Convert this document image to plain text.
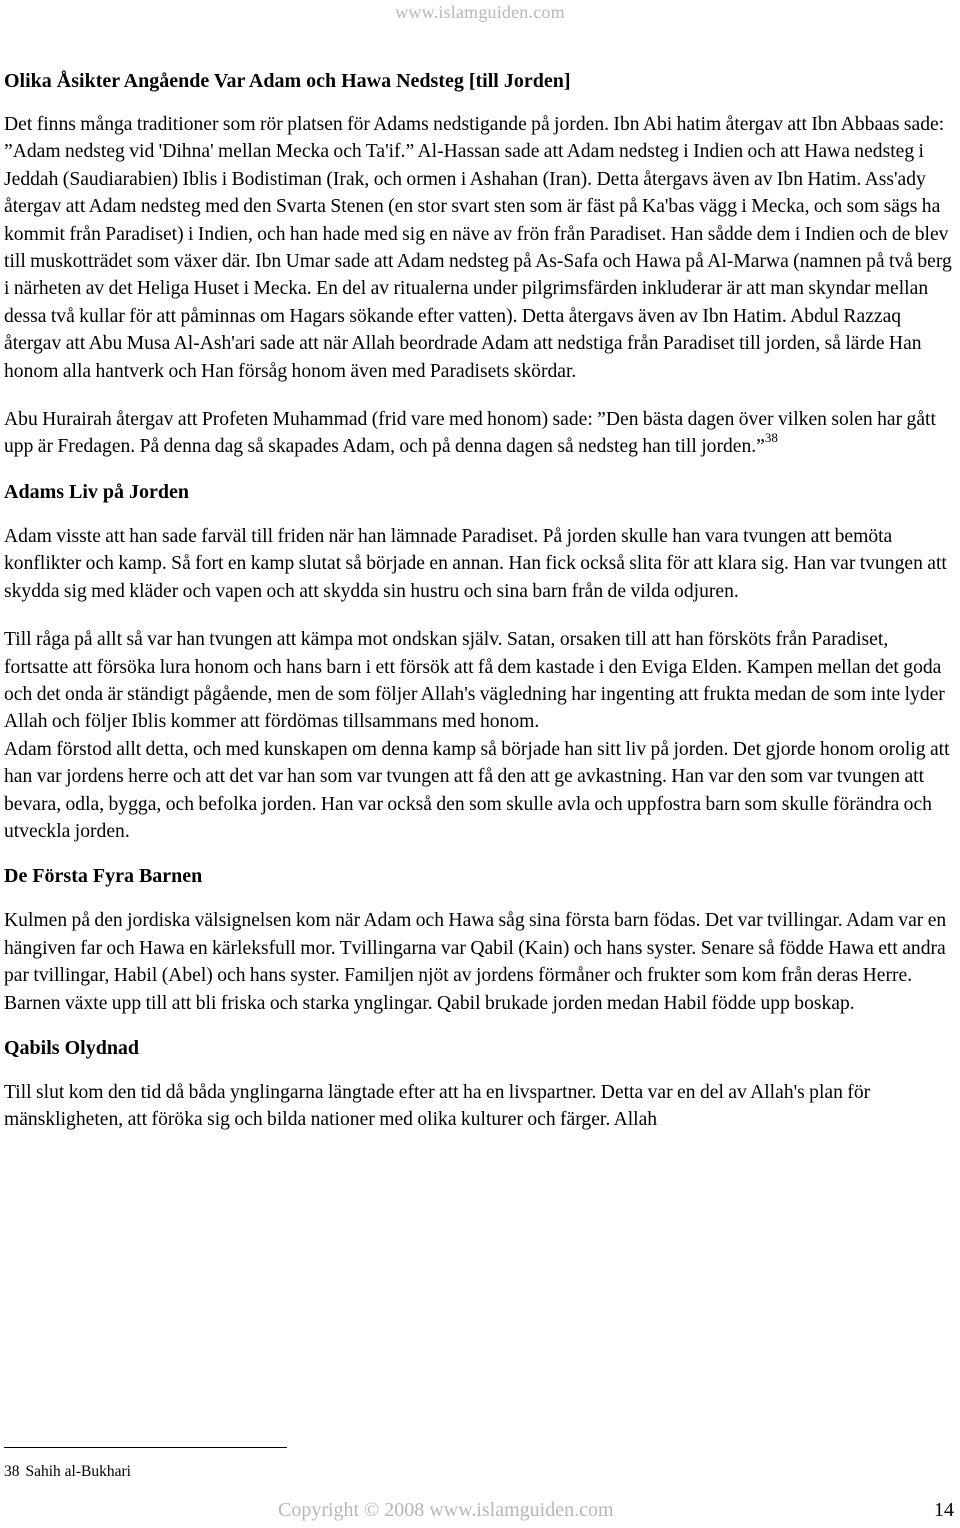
www.islamguiden.com
Olika Åsikter Angående Var Adam och Hawa Nedsteg [till Jorden]

Det finns många traditioner som rör platsen för Adams nedstigande på jorden. Ibn Abi hatim återgav att Ibn Abbaas sade: ”Adam nedsteg vid 'Dihna' mellan Mecka och Ta'if.” Al-Hassan sade att Adam nedsteg i Indien och att Hawa nedsteg i Jeddah (Saudiarabien) Iblis i Bodistiman (Irak, och ormen i Ashahan (Iran). Detta återgavs även av Ibn Hatim. Ass'ady återgav att Adam nedsteg med den Svarta Stenen (en stor svart sten som är fäst på Ka'bas vägg i Mecka, och som sägs ha kommit från Paradiset) i Indien, och han hade med sig en näve av frön från Paradiset. Han sådde dem i Indien och de blev till muskotträdet som växer där. Ibn Umar sade att Adam nedsteg på As-Safa och Hawa på Al-Marwa (namnen på två berg i närheten av det Heliga Huset i Mecka. En del av ritualerna under pilgrimsfärden inkluderar är att man skyndar mellan dessa två kullar för att påminnas om Hagars sökande efter vatten). Detta återgavs även av Ibn Hatim. Abdul Razzaq återgav att Abu Musa Al-Ash'ari sade att när Allah beordrade Adam att nedstiga från Paradiset till jorden, så lärde Han honom alla hantverk och Han försåg honom även med Paradisets skördar.

Abu Hurairah återgav att Profeten Muhammad (frid vare med honom) sade: ”Den bästa dagen över vilken solen har gått upp är Fredagen. På denna dag så skapades Adam, och på denna dagen så nedsteg han till jorden.”$^{38}$

Adams Liv på Jorden

Adam visste att han sade farväl till friden när han lämnade Paradiset. På jorden skulle han vara tvungen att bemöta konflikter och kamp. Så fort en kamp slutat så började en annan. Han fick också slita för att klara sig. Han var tvungen att skydda sig med kläder och vapen och att skydda sin hustru och sina barn från de vilda odjuren.

Till råga på allt så var han tvungen att kämpa mot ondskan själv. Satan, orsaken till att han försköts från Paradiset, fortsatte att försöka lura honom och hans barn i ett försök att få dem kastade i den Eviga Elden. Kampen mellan det goda och det onda är ständigt pågående, men de som följer Allah's vägledning har ingenting att frukta medan de som inte lyder Allah och följer Iblis kommer att fördömas tillsammans med honom.

Adam förstod allt detta, och med kunskapen om denna kamp så började han sitt liv på jorden. Det gjorde honom orolig att han var jordens herre och att det var han som var tvungen att få den att ge avkastning. Han var den som var tvungen att bevara, odla, bygga, och befolka jorden. Han var också den som skulle avla och uppfostra barn som skulle förändra och utveckla jorden.

De Första Fyra Barnen

Kulmen på den jordiska välsignelsen kom när Adam och Hawa såg sina första barn födas. Det var tvillingar. Adam var en hängiven far och Hawa en kärleksfull mor. Tvillingarna var Qabil (Kain) och hans syster. Senare så födde Hawa ett andra par tvillingar, Habil (Abel) och hans syster. Familjen njöt av jordens förmåner och frukter som kom från deras Herre. Barnen växte upp till att bli friska och starka ynglingar. Qabil brukade jorden medan Habil födde upp boskap.

Qabils Olydnad

Till slut kom den tid då båda ynglingarna längtade efter att ha en livspartner. Detta var en del av Allah's plan för mänskligheten, att föröka sig och bilda nationer med olika kulturer och färger. Allah

38 Sahih al-Bukhari
Copyright © 2008 www.islamguiden.com	14
